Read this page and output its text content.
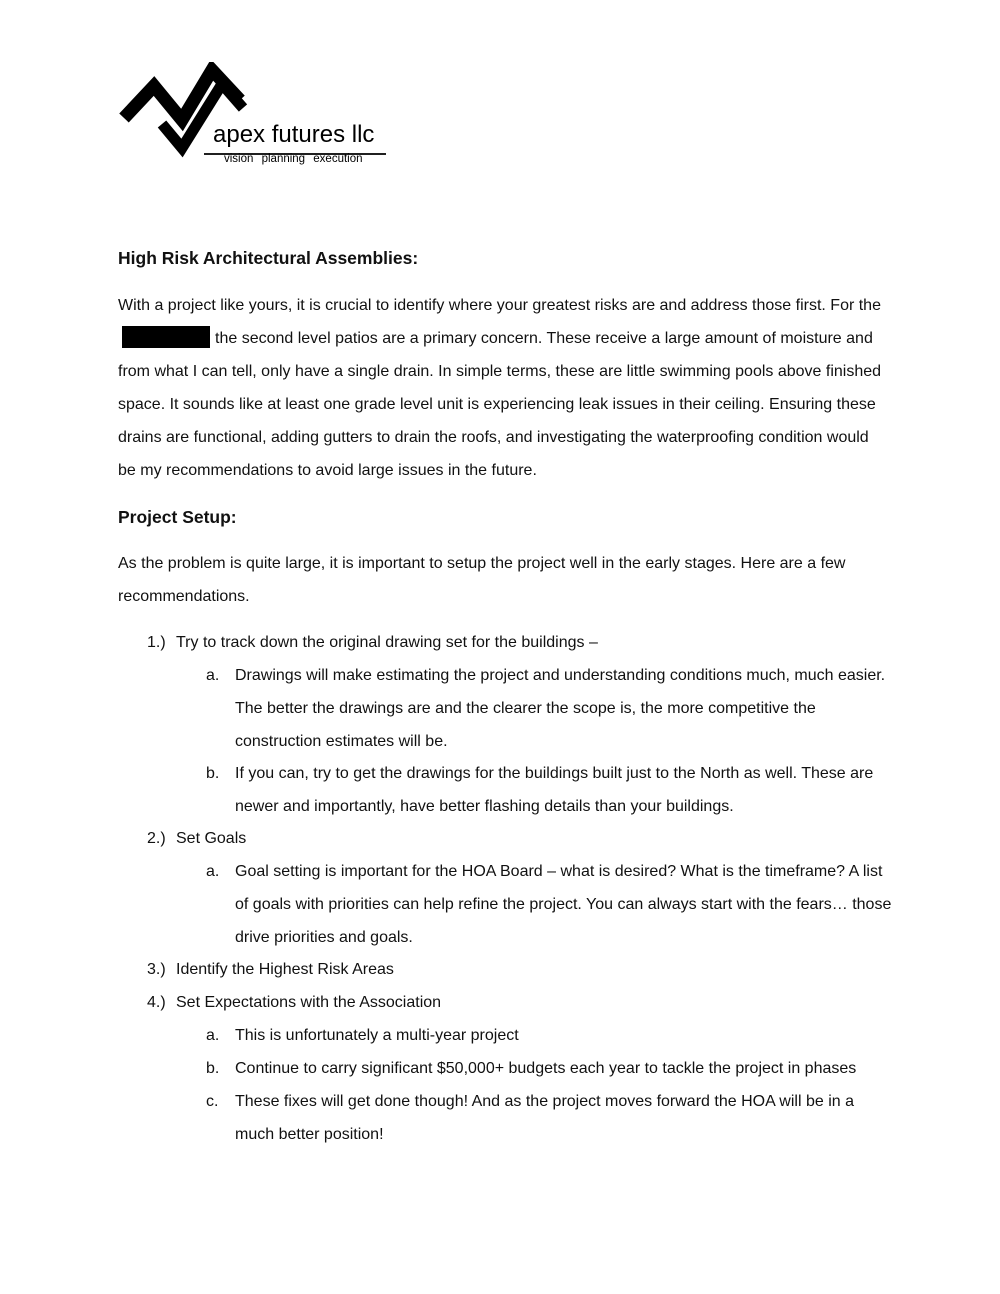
apex futures llc
vision planning execution
High Risk Architectural Assemblies:

With a project like yours, it is crucial to identify where your greatest risks are and address those first. For thethe second level patios are a primary concern. These receive a large amount of moisture and from what I can tell, only have a single drain. In simple terms, these are little swimming pools above finished space. It sounds like at least one grade level unit is experiencing leak issues in their ceiling. Ensuring these drains are functional, adding gutters to drain the roofs, and investigating the waterproofing condition would be my recommendations to avoid large issues in the future.

Project Setup:

As the problem is quite large, it is important to setup the project well in the early stages. Here are a few recommendations.

1.) Try to track down the original drawing set for the buildings –
a. Drawings will make estimating the project and understanding conditions much, much easier. The better the drawings are and the clearer the scope is, the more competitive the construction estimates will be.
b. If you can, try to get the drawings for the buildings built just to the North as well. These are newer and importantly, have better flashing details than your buildings.
2.) Set Goals
a. Goal setting is important for the HOA Board – what is desired? What is the timeframe? A list of goals with priorities can help refine the project. You can always start with the fears… those drive priorities and goals.
3.) Identify the Highest Risk Areas
4.) Set Expectations with the Association
a. This is unfortunately a multi-year project
b. Continue to carry significant $50,000+ budgets each year to tackle the project in phases
c. These fixes will get done though! And as the project moves forward the HOA will be in a much better position!
